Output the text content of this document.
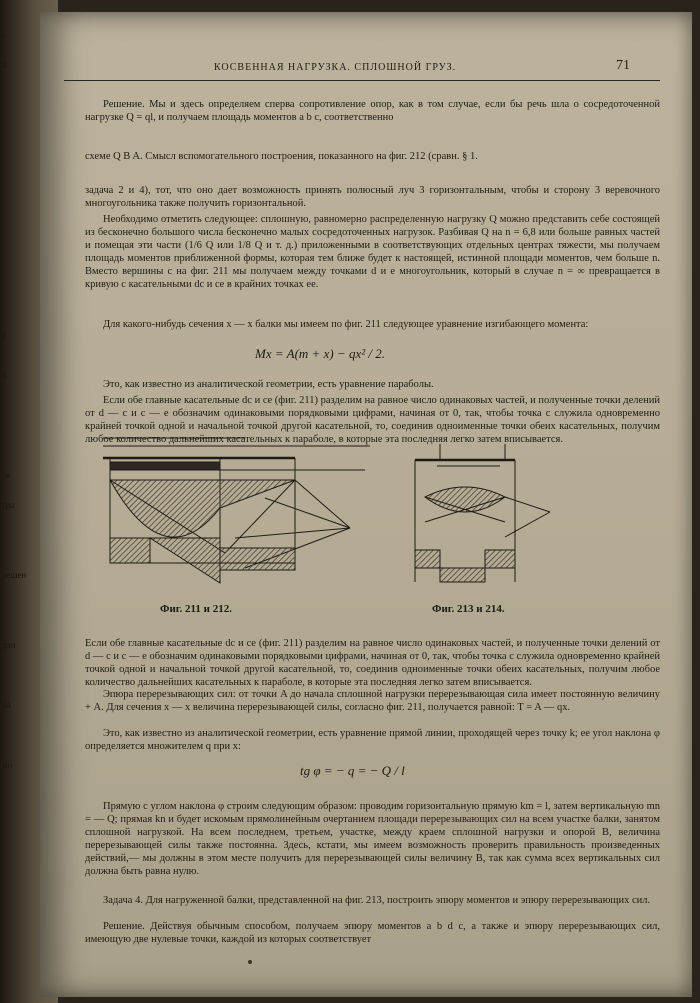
с
п
с
Е
ре
гра
решен
дан
на
мо
КОСВЕННАЯ НАГРУЗКА. СПЛОШНОЙ ГРУЗ.	71

Решение. Мы и здесь определяем сперва сопротивление опор, как в том случае, если бы речь шла о сосредоточенной нагрузке Q = ql, и получаем площадь моментов a b c, соответственно

схеме Q B A. Смысл вспомогательного построения, показанного на фиг. 212 (сравн. § 1.

задача 2 и 4), тот, что оно дает возможность принять полюсный луч 3 горизонтальным, чтобы и сторону 3 веревочного многоугольника также получить горизонтальной.

Необходимо отметить следующее: сплошную, равномерно распределенную нагрузку Q можно представить себе состоящей из бесконечно большого числа бесконечно малых сосредоточенных нагрузок. Разбивая Q на n = 6,8 или больше равных частей и помещая эти части (1/6 Q или 1/8 Q и т. д.) приложенными в соответствующих отдельных центрах тяжести, мы получаем площадь моментов приближенной формы, которая тем ближе будет к настоящей, истинной площади моментов, чем больше n. Вместо вершины c на фиг. 211 мы получаем между точками d и e многоугольник, который в случае n = ∞ превращается в кривую с касательными dc и ce в крайних точках ее.

Для какого-нибудь сечения x — x балки мы имеем по фиг. 211 следующее уравнение изгибающего момента:

Mx = A(m + x) − qx² / 2.

Это, как известно из аналитической геометрии, есть уравнение параболы.

Если обе главные касательные dc и ce (фиг. 211) разделим на равное число одинаковых частей, и полученные точки делений от d — c и c — e обозначим одинаковыми порядковыми цифрами, начиная от 0, так, чтобы точка c служила одновременно крайней точкой одной и начальной точкой другой касательной, то, соединив одноименные точки обеих касательных, получим любое количество дальнейших касательных к параболе, в которые эта последняя легко затем вписывается.

Фиг. 211 и 212.	Фиг. 213 и 214.

Если обе главные касательные dc и ce (фиг. 211) разделим на равное число одинаковых частей, и полученные точки делений от d — c и c — e обозначим одинаковыми порядковыми цифрами, начиная от 0, так, чтобы точка c служила одновременно крайней точкой одной и начальной точкой другой касательной, то, соединив одноименные точки обеих касательных, получим любое количество дальнейших касательных к параболе, в которые эта последняя легко затем вписывается.

Эпюра перерезывающих сил: от точки A до начала сплошной нагрузки перерезывающая сила имеет постоянную величину + A. Для сечения x — x величина перерезывающей силы, согласно фиг. 211, получается равной: T = A — qx.

Это, как известно из аналитической геометрии, есть уравнение прямой линии, проходящей через точку k; ее угол наклона φ определяется множителем q при x:

tg φ = − q = − Q / l

Прямую с углом наклона φ строим следующим образом: проводим горизонтальную прямую km = l, затем вертикальную mn = — Q; прямая kn и будет искомым прямолинейным очертанием площади перерезывающих сил на всем участке балки, занятом сплошной нагрузкой. На всем последнем, третьем, участке, между краем сплошной нагрузки и опорой B, величина перерезывающей силы также постоянна. Здесь, кстати, мы имеем возможность проверить правильность произведенных действий,— мы должны в этом месте получить для перерезывающей силы величину B, так как сумма всех вертикальных сил должна быть равна нулю.

Задача 4. Для нагруженной балки, представленной на фиг. 213, построить эпюру моментов и эпюру перерезывающих сил.

Решение. Действуя обычным способом, получаем эпюру моментов a b d c, а также и эпюру перерезывающих сил, имеющую две нулевые точки, каждой из которых соответствует
